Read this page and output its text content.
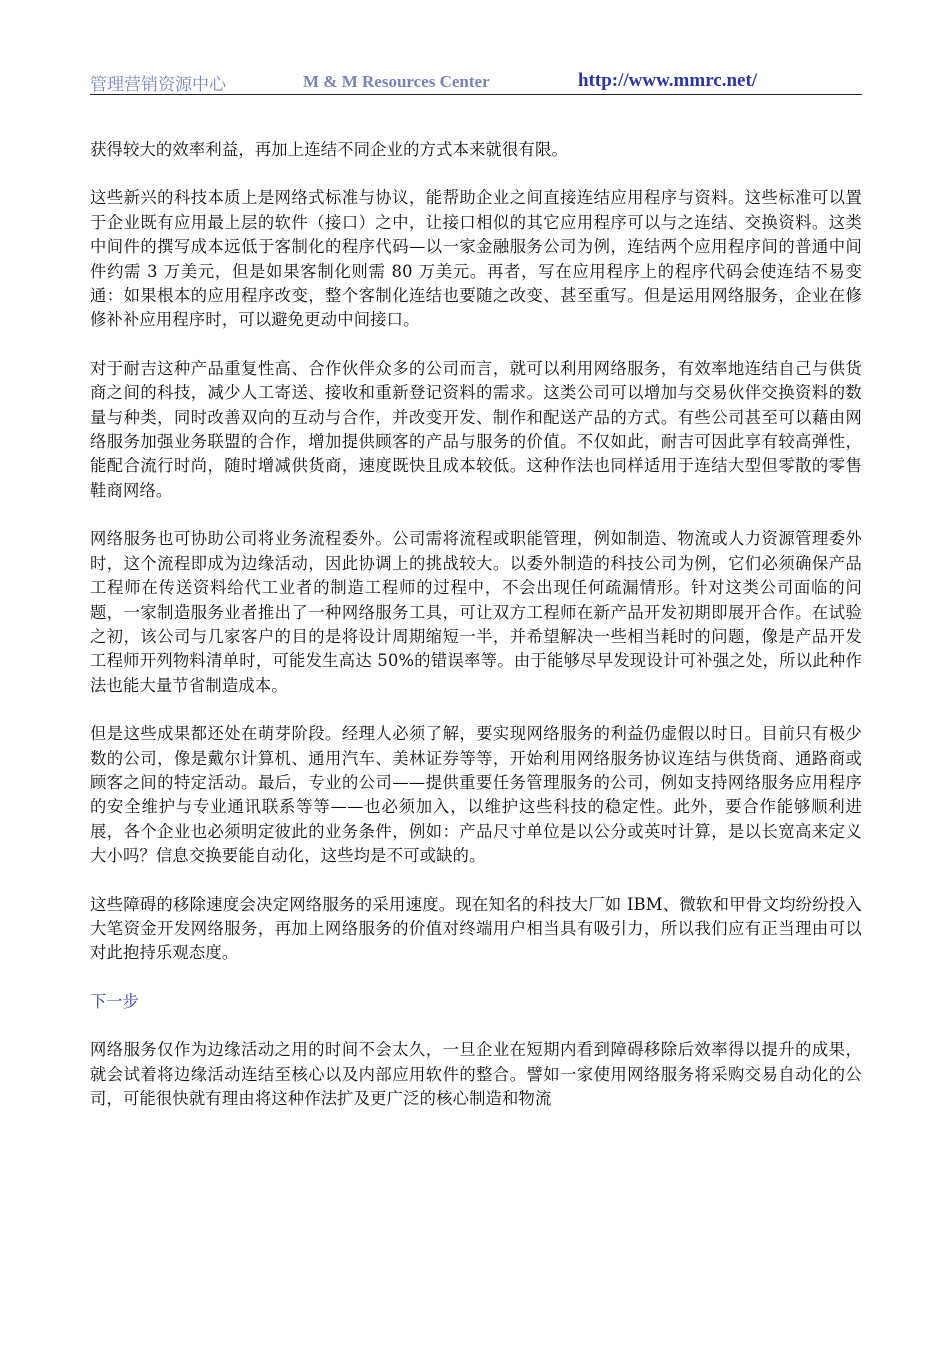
管理营销资源中心	M & M Resources Center	http://www.mmrc.net/

获得较大的效率利益，再加上连结不同企业的方式本来就很有限。

这些新兴的科技本质上是网络式标准与协议，能帮助企业之间直接连结应用程序与资料。这些标准可以置于企业既有应用最上层的软件（接口）之中，让接口相似的其它应用程序可以与之连结、交换资料。这类中间件的撰写成本远低于客制化的程序代码—以一家金融服务公司为例，连结两个应用程序间的普通中间件约需 3 万美元，但是如果客制化则需 80 万美元。再者，写在应用程序上的程序代码会使连结不易变通：如果根本的应用程序改变，整个客制化连结也要随之改变、甚至重写。但是运用网络服务，企业在修修补补应用程序时，可以避免更动中间接口。

对于耐吉这种产品重复性高、合作伙伴众多的公司而言，就可以利用网络服务，有效率地连结自己与供货商之间的科技，减少人工寄送、接收和重新登记资料的需求。这类公司可以增加与交易伙伴交换资料的数量与种类，同时改善双向的互动与合作，并改变开发、制作和配送产品的方式。有些公司甚至可以藉由网络服务加强业务联盟的合作，增加提供顾客的产品与服务的价值。不仅如此，耐吉可因此享有较高弹性，能配合流行时尚，随时增减供货商，速度既快且成本较低。这种作法也同样适用于连结大型但零散的零售鞋商网络。

网络服务也可协助公司将业务流程委外。公司需将流程或职能管理，例如制造、物流或人力资源管理委外时，这个流程即成为边缘活动，因此协调上的挑战较大。以委外制造的科技公司为例，它们必须确保产品工程师在传送资料给代工业者的制造工程师的过程中，不会出现任何疏漏情形。针对这类公司面临的问题，一家制造服务业者推出了一种网络服务工具，可让双方工程师在新产品开发初期即展开合作。在试验之初，该公司与几家客户的目的是将设计周期缩短一半，并希望解决一些相当耗时的问题，像是产品开发工程师开列物料清单时，可能发生高达 50%的错误率等。由于能够尽早发现设计可补强之处，所以此种作法也能大量节省制造成本。

但是这些成果都还处在萌芽阶段。经理人必须了解，要实现网络服务的利益仍虚假以时日。目前只有极少数的公司，像是戴尔计算机、通用汽车、美林证券等等，开始利用网络服务协议连结与供货商、通路商或顾客之间的特定活动。最后，专业的公司——提供重要任务管理服务的公司，例如支持网络服务应用程序的安全维护与专业通讯联系等等——也必须加入，以维护这些科技的稳定性。此外，要合作能够顺利进展，各个企业也必须明定彼此的业务条件，例如：产品尺寸单位是以公分或英吋计算，是以长宽高来定义大小吗？信息交换要能自动化，这些均是不可或缺的。

这些障碍的移除速度会决定网络服务的采用速度。现在知名的科技大厂如 IBM、微软和甲骨文均纷纷投入大笔资金开发网络服务，再加上网络服务的价值对终端用户相当具有吸引力，所以我们应有正当理由可以对此抱持乐观态度。

下一步

网络服务仅作为边缘活动之用的时间不会太久，一旦企业在短期内看到障碍移除后效率得以提升的成果，就会试着将边缘活动连结至核心以及内部应用软件的整合。譬如一家使用网络服务将采购交易自动化的公司，可能很快就有理由将这种作法扩及更广泛的核心制造和物流
